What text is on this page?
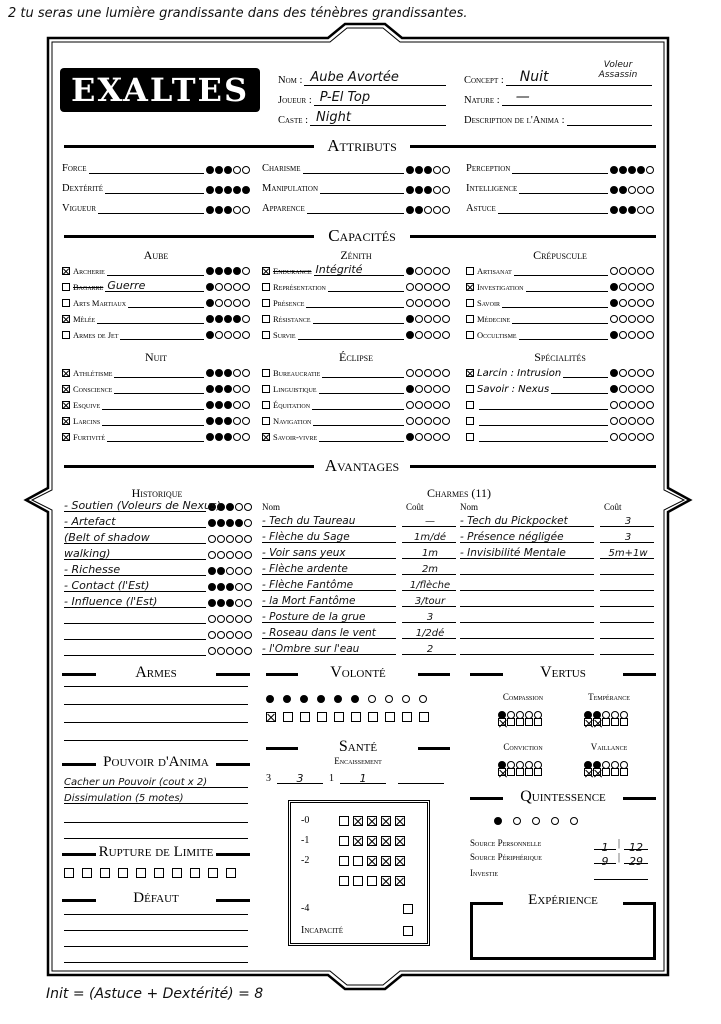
2 tu seras une lumière grandissante dans des ténèbres grandissantes.
Init = (Astuce + Dextérité) = 8
EXALTES	Nom : Aube Avortée
Joueur : P-El Top
Caste : Night
Concept : Nuit
Nature : —
Description de l'Anima :
Voleur Assassin
Attributs
Force
Dextérité
Vigueur
Charisme
Manipulation
Apparence
Perception
Intelligence
Astuce
Capacités
Aube
Archerie
Bagarre Guerre
Arts Martiaux
Mêlée
Armes de Jet
Zénith
Endurance Intégrité
Représentation
Présence
Résistance
Survie
Crépuscule
Artisanat
Investigation
Savoir
Médecine
Occultisme
Nuit
Athlétisme
Conscience
Esquive
Larcins
Furtivité
Éclipse
Bureaucratie
Linguistique
Équitation
Navigation
Savoir-vivre
Spécialités
Larcin : Intrusion
Savoir : Nexus
Avantages
Historique
- Soutien (Voleurs de Nexus)
- Artefact
(Belt of shadow
walking)
- Richesse
- Contact (l'Est)
- Influence (l'Est)
Charmes (11)
Nom	Coût
- Tech du Taureau	—
- Flèche du Sage	1m/dé
- Voir sans yeux	1m
- Flèche ardente	2m
- Flèche Fantôme	1/flèche
- la Mort Fantôme	3/tour
- Posture de la grue	3
- Roseau dans le vent	1/2dé
- l'Ombre sur l'eau	2
Nom	Coût
- Tech du Pickpocket	3
- Présence négligée	3
- Invisibilité Mentale	5m+1w
Armes	Volonté	Vertus
Compassion	Tempérance
Conviction	Vaillance
Santé
Encaissement
3	3	1	1
-0
-1
-2
-4
Incapacité
Pouvoir d'Anima
Cacher un Pouvoir (cout x 2)
Dissimulation (5 motes)
Rupture de Limite
Défaut
Quintessence
Source Personnelle	1 | 12
Source Périphérique	9 | 29
Investie
Expérience
